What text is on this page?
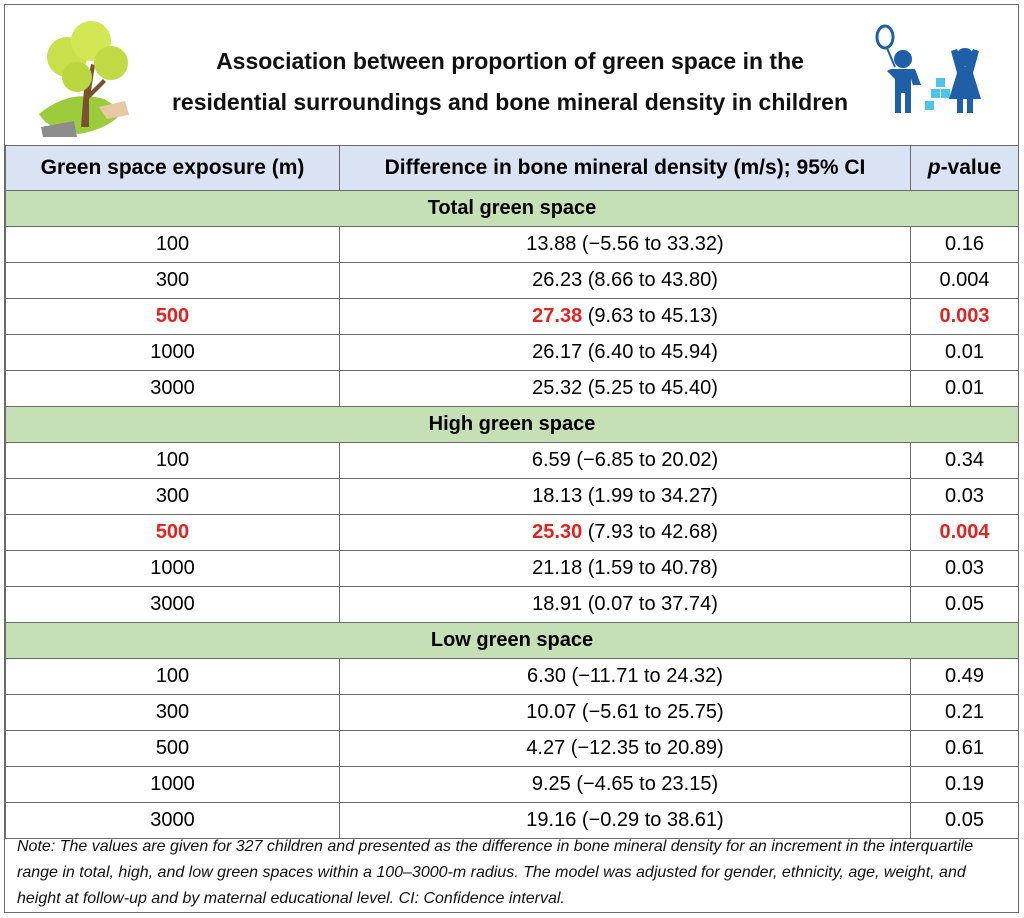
Association between proportion of green space in the
residential surroundings and bone mineral density in children
Green space exposure (m)	Difference in bone mineral density (m/s); 95% CI	p-value
Total green space		
100	13.88 (−5.56 to 33.32)	0.16
300	26.23 (8.66 to 43.80)	0.004
500	27.38 (9.63 to 45.13)	0.003
1000	26.17 (6.40 to 45.94)	0.01
3000	25.32 (5.25 to 45.40)	0.01
High green space		
100	6.59 (−6.85 to 20.02)	0.34
300	18.13 (1.99 to 34.27)	0.03
500	25.30 (7.93 to 42.68)	0.004
1000	21.18 (1.59 to 40.78)	0.03
3000	18.91 (0.07 to 37.74)	0.05
Low green space		
100	6.30 (−11.71 to 24.32)	0.49
300	10.07 (−5.61 to 25.75)	0.21
500	4.27 (−12.35 to 20.89)	0.61
1000	9.25 (−4.65 to 23.15)	0.19
3000	19.16 (−0.29 to 38.61)	0.05
Note: The values are given for 327 children and presented as the difference in bone mineral density for an increment in the interquartile range in total, high, and low green spaces within a 100–3000-m radius. The model was adjusted for gender, ethnicity, age, weight, and height at follow-up and by maternal educational level. CI: Confidence interval.
